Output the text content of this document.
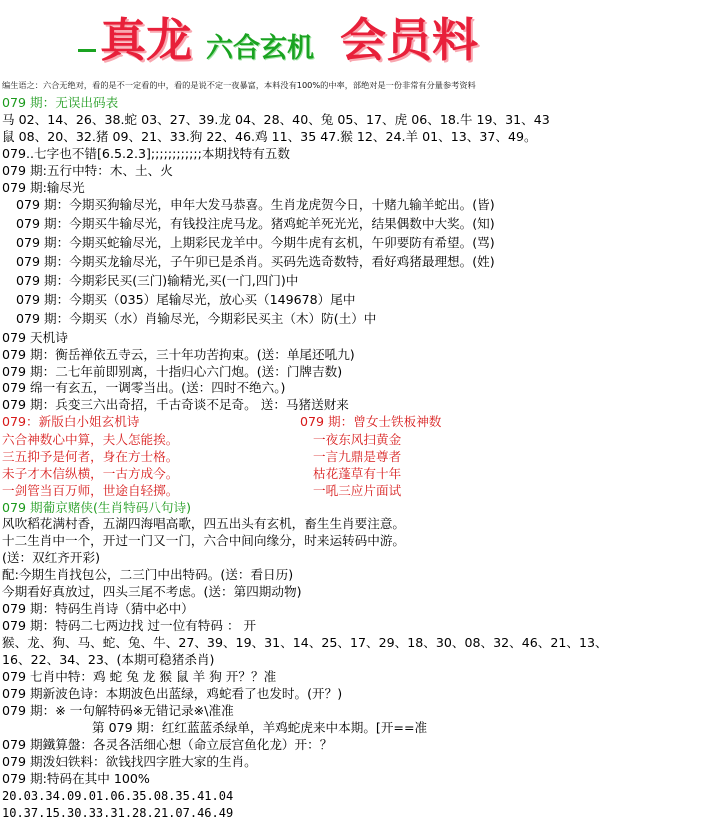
真龙 六合玄机 会员料
编生语之：六合无绝对，看的是不一定看的中，看的是说不定一夜暴富，本料没有100%的中率，部绝对是一份非常有分量参考资料
079 期：无误出码表
马 02、14、26、38.蛇 03、27、39.龙 04、28、40、兔 05、17、虎 06、18.牛 19、31、43
鼠 08、20、32.猪 09、21、33.狗 22、46.鸡 11、35 47.猴 12、24.羊 01、13、37、49。
079..七字也不错[6.5.2.3];;;;;;;;;;;;本期找特有五数
079 期:五行中特：木、土、火
079 期:输尽光
079 期：今期买狗输尽光，申年大发马恭喜。生肖龙虎贺今日，十赌九输羊蛇出。(皆)
079 期：今期买牛输尽光，有钱投注虎马龙。猪鸡蛇羊死光光，结果偶数中大奖。(知)
079 期：今期买蛇输尽光，上期彩民龙羊中。今期牛虎有玄机，午卯要防有希望。(骂)
079 期：今期买龙输尽光，子午卯已是杀肖。买码先选奇数特，看好鸡猪最理想。(姓)
079 期：今期彩民买(三门)输精光,买(一门,四门)中
079 期：今期买（035）尾输尽光，放心买（149678）尾中
079 期：今期买（水）肖输尽光，今期彩民买主（木）防(土）中
079 天机诗
079 期：衡岳禅依五寺云，三十年功苦拘束。(送：单尾还吼九)
079 期：二七年前即别离，十指归心六门炮。(送：门牌吉数)
079 绵一有玄五，一调零当出。(送：四时不绝六。)
079 期：兵变三六出奇招，千古奇谈不足奇。 送：马猪送财来
079：新版白小姐玄机诗
六合神数心中算，夫人怎能挨。
三五抑予是何者，身在方士格。
未子才木信纵横，一古方成今。
一剑管当百万师，世途自轻掷。
079 期：曾女士铁板神数
一夜东风扫黄金
一言九鼎是尊者
枯花蓬草有十年
一吼三应片面试
079 期葡京赌侠(生肖特码八句诗)
风吹稻花满村香，五湖四海唱高歌，四五出头有玄机，畜生生肖要注意。
十二生肖中一个，开过一门又一门，六合中间向缘分，时来运转码中游。
(送：双红齐开彩)
配:今期生肖找包公，二三门中出特码。(送：看日历)
今期看好真放过，四头三尾不考虑。(送：第四期动物)
079 期：特码生肖诗（猜中必中）
079 期：特码二七两边找 过一位有特码 ： 开
猴、龙、狗、马、蛇、兔、牛、27、39、19、31、14、25、17、29、18、30、08、32、46、21、13、
16、22、34、23、(本期可稳猪杀肖)
079 七肖中特：鸡 蛇 兔 龙 猴 鼠 羊 狗 开？？准
079 期新波色诗：本期波色出蓝绿，鸡蛇看了也发时。(开？)
079 期：※ 一句解特码※无错记录※\准准
第 079 期：红红蓝蓝杀绿单，羊鸡蛇虎来中本期。[开==准
079 期鐵算盤：各灵各活细心想（命立辰宫鱼化龙）开：？
079 期泼妇铁料：欲钱找四字胜大家的生肖。
079 期:特码在其中 100%
20.03.34.09.01.06.35.08.35.41.04
10.37.15.30.33.31.28.21.07.46.49
